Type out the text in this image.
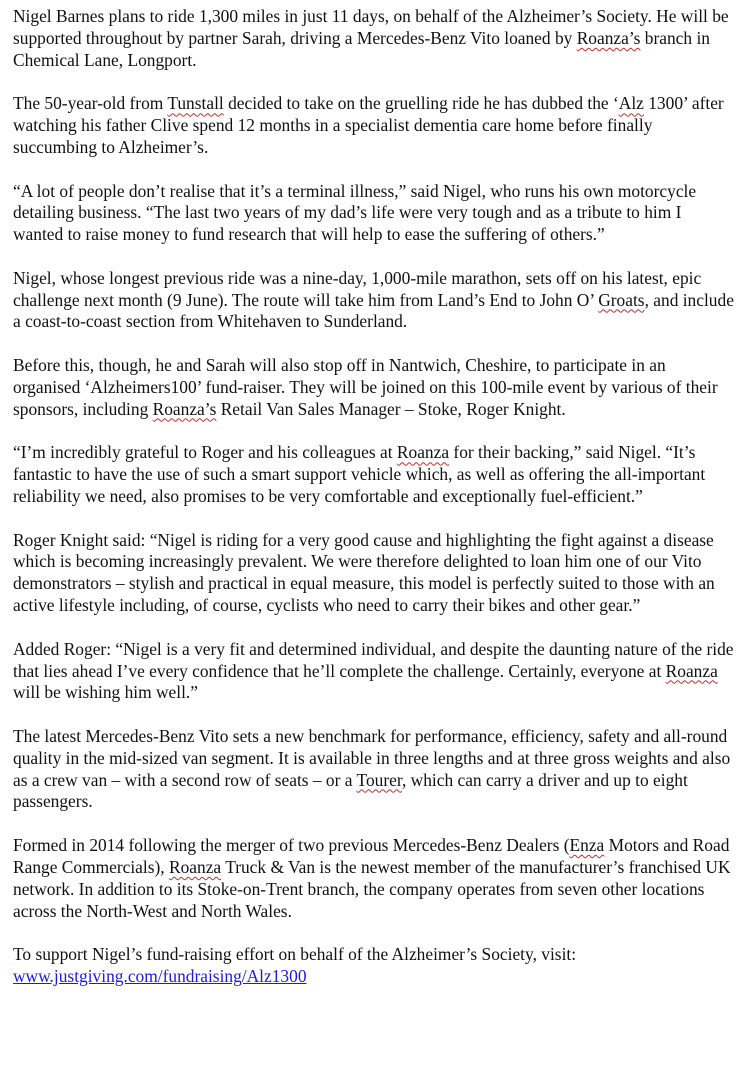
Nigel Barnes plans to ride 1,300 miles in just 11 days, on behalf of the Alzheimer’s Society. He will be supported throughout by partner Sarah, driving a Mercedes-Benz Vito loaned by Roanza’s branch in Chemical Lane, Longport.

The 50-year-old from Tunstall decided to take on the gruelling ride he has dubbed the ‘Alz 1300’ after watching his father Clive spend 12 months in a specialist dementia care home before finally succumbing to Alzheimer’s.

“A lot of people don’t realise that it’s a terminal illness,” said Nigel, who runs his own motorcycle detailing business. “The last two years of my dad’s life were very tough and as a tribute to him I wanted to raise money to fund research that will help to ease the suffering of others.”

Nigel, whose longest previous ride was a nine-day, 1,000-mile marathon, sets off on his latest, epic challenge next month (9 June). The route will take him from Land’s End to John O’ Groats, and include a coast-to-coast section from Whitehaven to Sunderland.

Before this, though, he and Sarah will also stop off in Nantwich, Cheshire, to participate in an organised ‘Alzheimers100’ fund-raiser. They will be joined on this 100-mile event by various of their sponsors, including Roanza’s Retail Van Sales Manager – Stoke, Roger Knight.

“I’m incredibly grateful to Roger and his colleagues at Roanza for their backing,” said Nigel. “It’s fantastic to have the use of such a smart support vehicle which, as well as offering the all-important reliability we need, also promises to be very comfortable and exceptionally fuel-efficient.”

Roger Knight said: “Nigel is riding for a very good cause and highlighting the fight against a disease which is becoming increasingly prevalent. We were therefore delighted to loan him one of our Vito demonstrators – stylish and practical in equal measure, this model is perfectly suited to those with an active lifestyle including, of course, cyclists who need to carry their bikes and other gear.”

Added Roger: “Nigel is a very fit and determined individual, and despite the daunting nature of the ride that lies ahead I’ve every confidence that he’ll complete the challenge. Certainly, everyone at Roanza will be wishing him well.”

The latest Mercedes-Benz Vito sets a new benchmark for performance, efficiency, safety and all-round quality in the mid-sized van segment. It is available in three lengths and at three gross weights and also as a crew van – with a second row of seats – or a Tourer, which can carry a driver and up to eight passengers.

Formed in 2014 following the merger of two previous Mercedes-Benz Dealers (Enza Motors and Road Range Commercials), Roanza Truck & Van is the newest member of the manufacturer’s franchised UK network. In addition to its Stoke-on-Trent branch, the company operates from seven other locations across the North-West and North Wales.

To support Nigel’s fund-raising effort on behalf of the Alzheimer’s Society, visit: www.justgiving.com/fundraising/Alz1300
